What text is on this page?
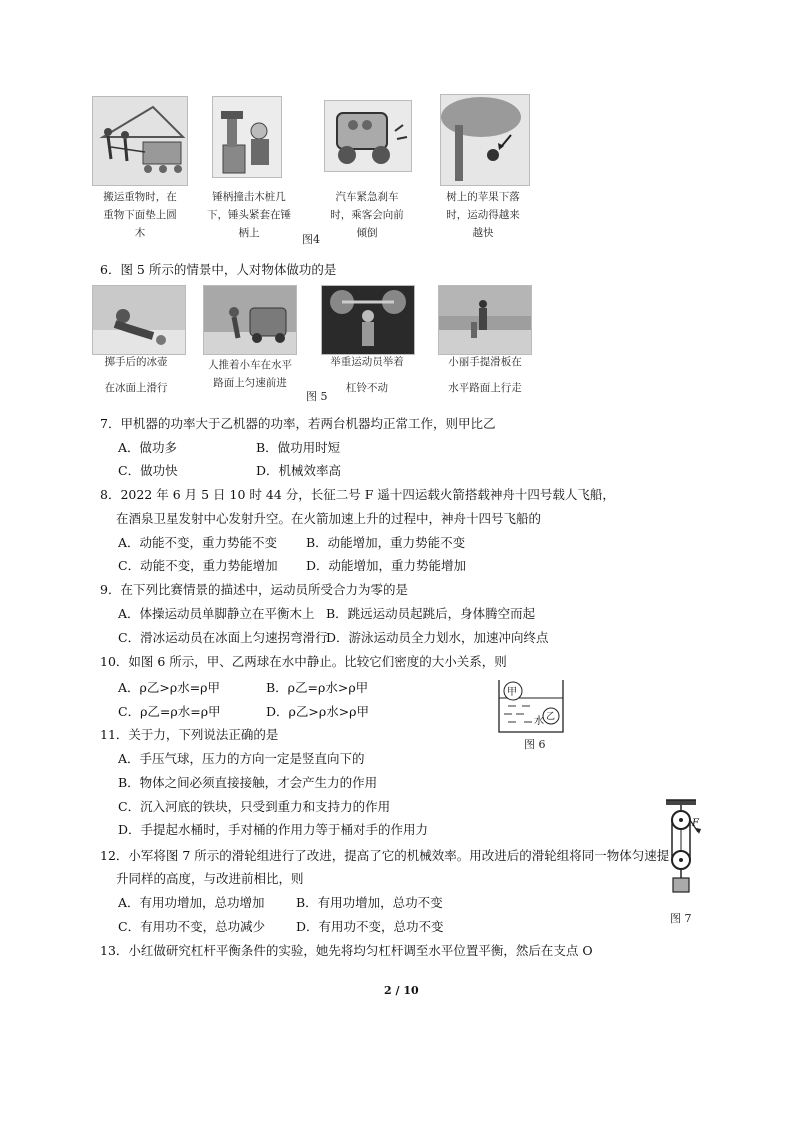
搬运重物时，在
重物下面垫上圆
木
锤柄撞击木桩几
下，锤头紧套在锤
柄上
汽车紧急刹车
时，乘客会向前
倾倒
树上的苹果下落
时，运动得越来
越快
图4
6．图 5 所示的情景中，人对物体做功的是
掷手后的冰壶

在冰面上滑行
人推着小车在水平
路面上匀速前进
举重运动员举着

杠铃不动
小丽手提滑板在

水平路面上行走
图 5
7．甲机器的功率大于乙机器的功率，若两台机器均正常工作，则甲比乙
A．做功多	B．做功用时短
C．做功快	D．机械效率高
8．2022 年 6 月 5 日 10 时 44 分，长征二号 F 遥十四运载火箭搭载神舟十四号载人飞船，
在酒泉卫星发射中心发射升空。在火箭加速上升的过程中，神舟十四号飞船的
A．动能不变，重力势能不变 B．动能增加，重力势能不变
C．动能不变，重力势能增加 D．动能增加，重力势能增加
9．在下列比赛情景的描述中，运动员所受合力为零的是
A．体操运动员单脚静立在平衡木上 B．跳远运动员起跳后，身体腾空而起
C．滑冰运动员在冰面上匀速拐弯滑行
D．游泳运动员全力划水，加速冲向终点
10．如图 6 所示，甲、乙两球在水中静止。比较它们密度的大小关系，则
A．ρ乙>ρ水=ρ甲	B．ρ乙=ρ水>ρ甲
C．ρ乙=ρ水=ρ甲	D．ρ乙>ρ水>ρ甲
甲
乙
水
图 6
11．关于力，下列说法正确的是
A．手压气球，压力的方向一定是竖直向下的
B．物体之间必须直接接触，才会产生力的作用
C．沉入河底的铁块，只受到重力和支持力的作用
D．手提起水桶时，手对桶的作用力等于桶对手的作用力	F
图 7
12．小军将图 7 所示的滑轮组进行了改进，提高了它的机械效率。用改进后的滑轮组将同一物体匀速提
升同样的高度，与改进前相比，则
A．有用功增加，总功增加	B．有用功增加，总功不变
C．有用功不变，总功减少 D．有用功不变，总功不变
13．小红做研究杠杆平衡条件的实验，她先将均匀杠杆调至水平位置平衡，然后在支点 O
2 / 10
